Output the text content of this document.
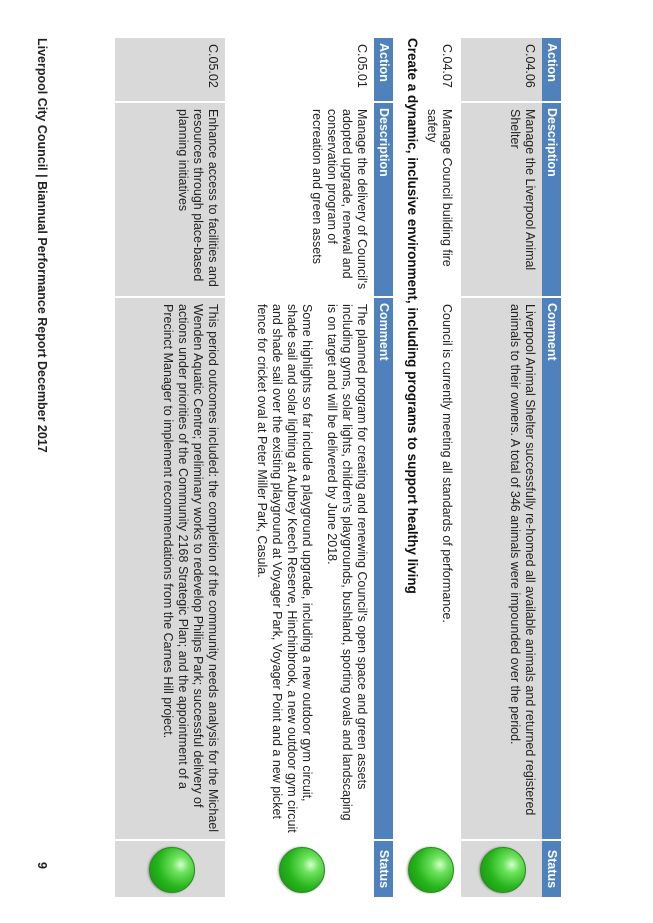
Action	Description	Comment	Status
C.04.06	Manage the Liverpool Animal Shelter	Liverpool Animal Shelter successfully re-homed all available animals and returned registered animals to their owners. A total of 346 animals were impounded over the period.	
C.04.07	Manage Council building fire safety	Council is currently meeting all standards of performance.	
Create a dynamic, inclusive environment, including programs to support healthy living
Action	Description	Comment	Status
C.05.01	Manage the delivery of Council's adopted upgrade, renewal and conservation program of recreation and green assets	The planned program for creating and renewing Council's open space and green assets including gyms, solar lights, children's playgrounds, bushland, sporting ovals and landscaping is on target and will be delivered by June 2018.

Some highlights so far include a playground upgrade, including a new outdoor gym circuit, shade sail and solar lighting at Aubrey Keech Reserve, Hinchinbrook, a new outdoor gym circuit and shade sail over the existing playground at Voyager Park, Voyager Point and a new picket fence for cricket oval at Peter Miller Park, Casula.	

C.05.02	Enhance access to facilities and resources through place-based planning initiatives	This period outcomes included: the completion of the community needs analysis for the Michael Wenden Aquatic Centre; preliminary works to redevelop Philips Park; successful delivery of actions under priorities of the Community 2168 Strategic Plan; and the appointment of a Precinct Manager to implement recommendations from the Carnes Hill project.	

Liverpool City Council | Biannual Performance Report December 2017
9
